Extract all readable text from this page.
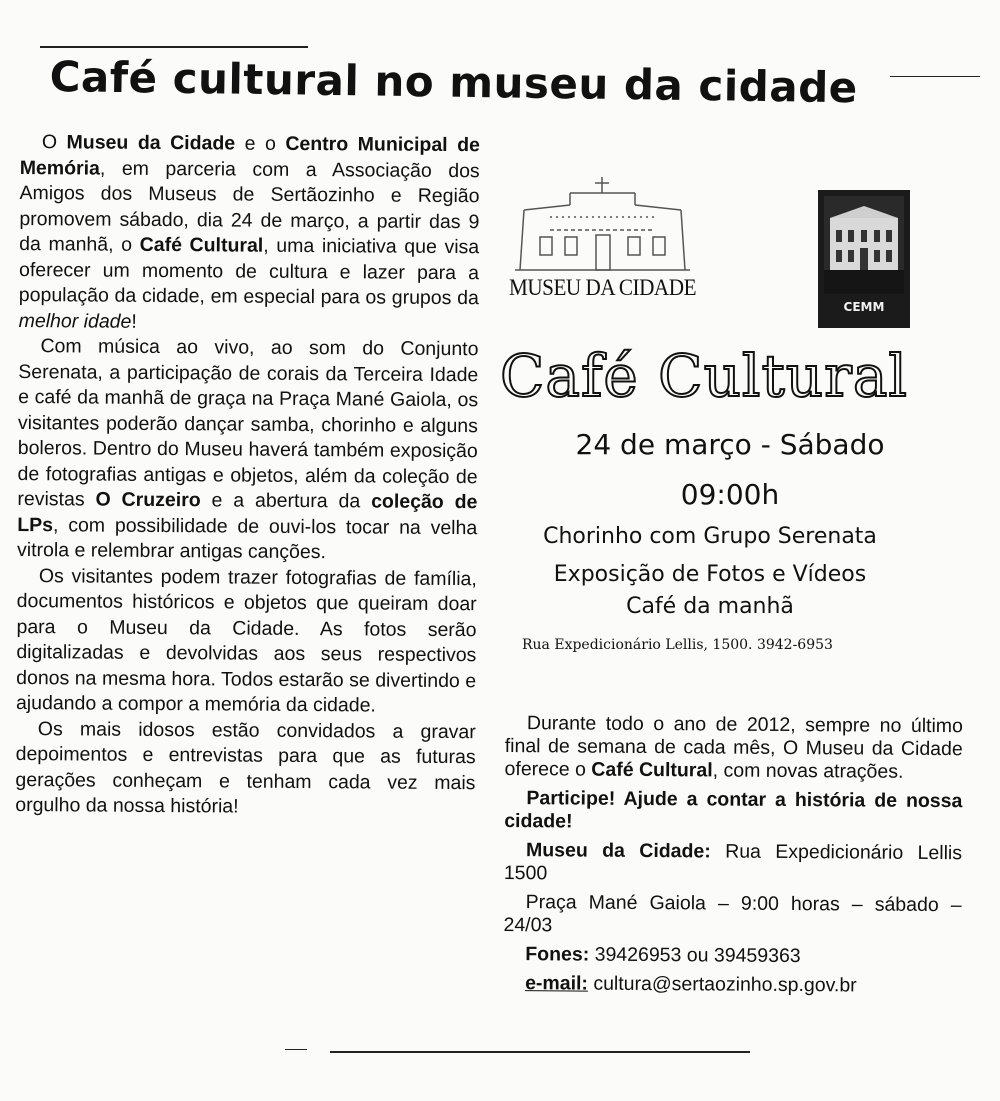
Café cultural no museu da cidade

O Museu da Cidade e o Centro Municipal de Memória, em parceria com a Associação dos Amigos dos Museus de Sertãozinho e Região promovem sábado, dia 24 de março, a partir das 9 da manhã, o Café Cultural, uma iniciativa que visa oferecer um momento de cultura e lazer para a população da cidade, em especial para os grupos da melhor idade!

Com música ao vivo, ao som do Conjunto Serenata, a participação de corais da Terceira Idade e café da manhã de graça na Praça Mané Gaiola, os visitantes poderão dançar samba, chorinho e alguns boleros. Dentro do Museu haverá também exposição de fotografias antigas e objetos, além da coleção de revistas O Cruzeiro e a abertura da coleção de LPs, com possibilidade de ouvi-los tocar na velha vitrola e relembrar antigas canções.

Os visitantes podem trazer fotografias de família, documentos históricos e objetos que queiram doar para o Museu da Cidade. As fotos serão digitalizadas e devolvidas aos seus respectivos donos na mesma hora. Todos estarão se divertindo e ajudando a compor a memória da cidade.

Os mais idosos estão convidados a gravar depoimentos e entrevistas para que as futuras gerações conheçam e tenham cada vez mais orgulho da nossa história!

MUSEU DA CIDADE
CEMM
Café Cultural
24 de março - Sábado
09:00h
Chorinho com Grupo Serenata
Exposição de Fotos e Vídeos
Café da manhã
Rua Expedicionário Lellis, 1500. 3942-6953

Durante todo o ano de 2012, sempre no último final de semana de cada mês, O Museu da Cidade oferece o Café Cultural, com novas atrações.

Participe! Ajude a contar a história de nossa cidade!

Museu da Cidade: Rua Expedicionário Lellis 1500

Praça Mané Gaiola – 9:00 horas – sábado – 24/03

Fones: 39426953 ou 39459363

e-mail: cultura@sertaozinho.sp.gov.br
